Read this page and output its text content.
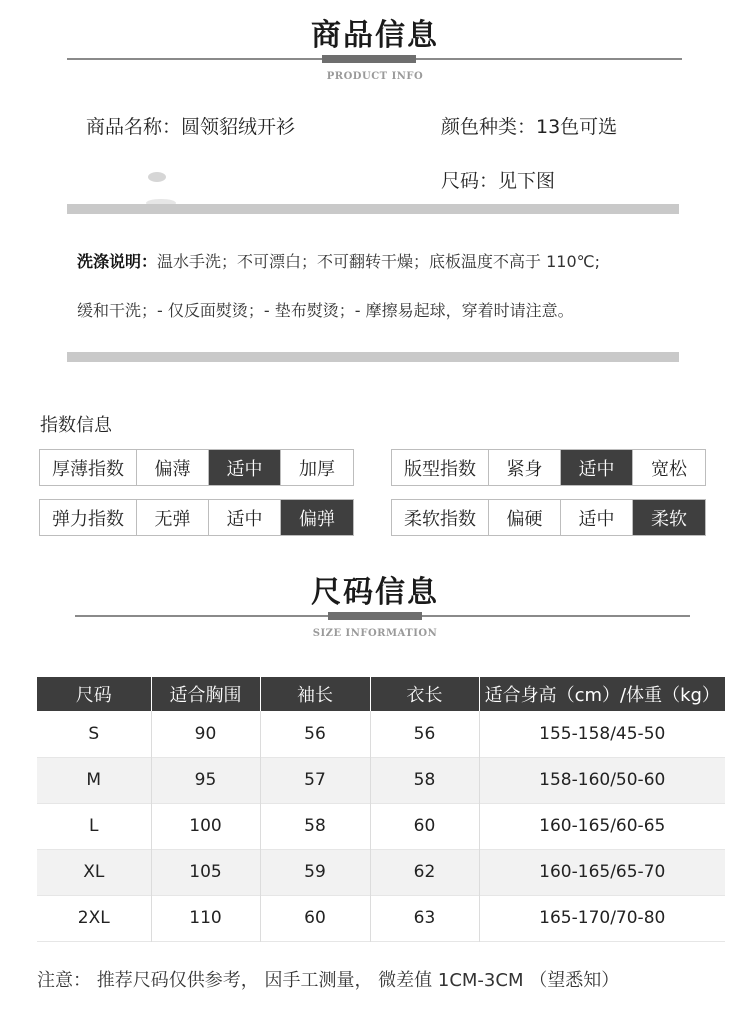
商品信息
PRODUCT INFO
商品名称：圆领貂绒开衫	颜色种类：13色可选
尺码：见下图
洗涤说明：温水手洗；不可漂白；不可翻转干燥；底板温度不高于 110℃;
缓和干洗；- 仅反面熨烫；- 垫布熨烫；- 摩擦易起球，穿着时请注意。
指数信息
厚薄指数	偏薄	适中	加厚	版型指数	紧身	适中	宽松
弹力指数	无弹	适中	偏弹	柔软指数	偏硬	适中	柔软
尺码信息
SIZE INFORMATION
尺码	适合胸围	袖长	衣长	适合身高（cm）/体重（kg）
S	90	56	56	155-158/45-50
M	95	57	58	158-160/50-60
L	100	58	60	160-165/60-65
XL	105	59	62	160-165/65-70
2XL	110	60	63	165-170/70-80
注意： 推荐尺码仅供参考， 因手工测量， 微差值 1CM-3CM （望悉知）
